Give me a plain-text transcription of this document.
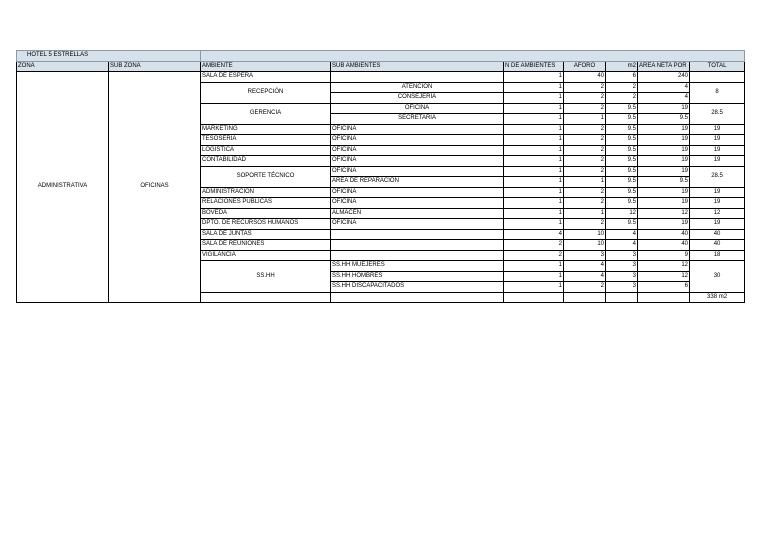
HOTEL 5 ESTRELLAS								
ZONA	SUB ZONA	AMBIENTE	SUB AMBIENTES	N DE AMBIENTES	AFORO	m2	ÁREA NETA POR	TOTAL
ADMINISTRATIVA	OFICINAS	SALA DE ESPERA		1	40	6	240	
		RECEPCIÓN	ATENCIÓN	1	2	2	4	8
			CONSEJERÍA	1	2	2	4	
		GERENCIA	OFICINA	1	2	9.5	19	28.5
			SECRETARIA	1	1	9.5	9.5	
		MARKETING	OFICINA	1	2	9.5	19	19
		TESOSERIA	OFICINA	1	2	9.5	19	19
		LOGISTICA	OFICINA	1	2	9.5	19	19
		CONTABILIDAD	OFICINA	1	2	9.5	19	19
		SOPORTE TÉCNICO	OFICINA	1	2	9.5	19	28.5
			ÁREA DE REPARACIÓN	1	1	9.5	9.5	
		ADMINISTRACIÓN	OFICINA	1	2	9.5	19	19
		RELACIONES PUBLICAS	OFICINA	1	2	9.5	19	19
		BÓVEDA	ALMACÉN	1	1	12	12	12
		DPTO. DE RECURSOS HUMANOS	OFICINA	1	2	9.5	19	19
		SALA DE JUNTAS		4	10	4	40	40
		SALA DE REUNIONES		2	10	4	40	40
		VIGILANCIA		2	3	3	9	18
		SS.HH	SS.HH MUEJERES	1	4	3	12	30
			SS.HH HOMBRES	1	4	3	12	
			SS.HH DISCAPACITADOS	1	2	3	6	
								338 m2
